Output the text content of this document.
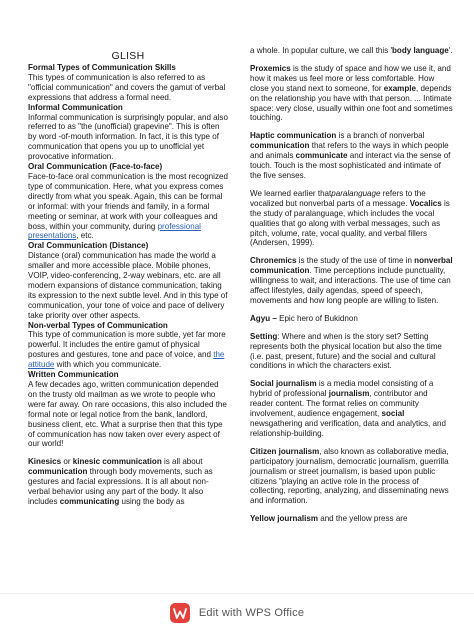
GLISH

Formal Types of Communication Skills
This types of communication is also referred to as "official communication" and covers the gamut of verbal expressions that address a formal need.

Informal Communication
Informal communication is surprisingly popular, and also referred to as "the (unofficial) grapevine". This is often by word -of-mouth information. In fact, it is this type of communication that opens you up to unofficial yet provocative information.

Oral Communication (Face-to-face)
Face-to-face oral communication is the most recognized type of communication. Here, what you express comes directly from what you speak. Again, this can be formal or informal: with your friends and family, in a formal meeting or seminar, at work with your colleagues and boss, within your community, during professional presentations, etc.

Oral Communication (Distance)
Distance (oral) communication has made the world a smaller and more accessible place. Mobile phones, VOIP, video-conferencing, 2-way webinars, etc. are all modern expansions of distance communication, taking its expression to the next subtle level. And in this type of communication, your tone of voice and pace of delivery take priority over other aspects.

Non-verbal Types of Communication
This type of communication is more subtle, yet far more powerful. It includes the entire gamut of physical postures and gestures, tone and pace of voice, and the attitude with which you communicate.

Written Communication
A few decades ago, written communication depended on the trusty old mailman as we wrote to people who were far away. On rare occasions, this also included the formal note or legal notice from the bank, landlord, business client, etc. What a surprise then that this type of communication has now taken over every aspect of our world!

Kinesics or kinesic communication is all about communication through body movements, such as gestures and facial expressions. It is all about non-verbal behavior using any part of the body. It also includes communicating using the body as

a whole. In popular culture, we call this 'body language'.

Proxemics is the study of space and how we use it, and how it makes us feel more or less comfortable. How close you stand next to someone, for example, depends on the relationship you have with that person. ... Intimate space: very close, usually within one foot and sometimes touching.

Haptic communication is a branch of nonverbal communication that refers to the ways in which people and animals communicate and interact via the sense of touch. Touch is the most sophisticated and intimate of the five senses.

We learned earlier thatparalanguage refers to the vocalized but nonverbal parts of a message. Vocalics is the study of paralanguage, which includes the vocal qualities that go along with verbal messages, such as pitch, volume, rate, vocal quality, and verbal fillers (Andersen, 1999).

Chronemics is the study of the use of time in nonverbal communication. Time perceptions include punctuality, willingness to wait, and interactions. The use of time can affect lifestyles, daily agendas, speed of speech, movements and how long people are willing to listen.

Agyu – Epic hero of Bukidnon

Setting: Where and when is the story set? Setting represents both the physical location but also the time (i.e. past, present, future) and the social and cultural conditions in which the characters exist.

Social journalism is a media model consisting of a hybrid of professional journalism, contributor and reader content. The format relies on community involvement, audience engagement, social newsgathering and verification, data and analytics, and relationship-building.

Citizen journalism, also known as collaborative media, participatory journalism, democratic journalism, guerrilla journalism or street journalism, is based upon public citizens "playing an active role in the process of collecting, reporting, analyzing, and disseminating news and information.

Yellow journalism and the yellow press are

Edit with WPS Office
